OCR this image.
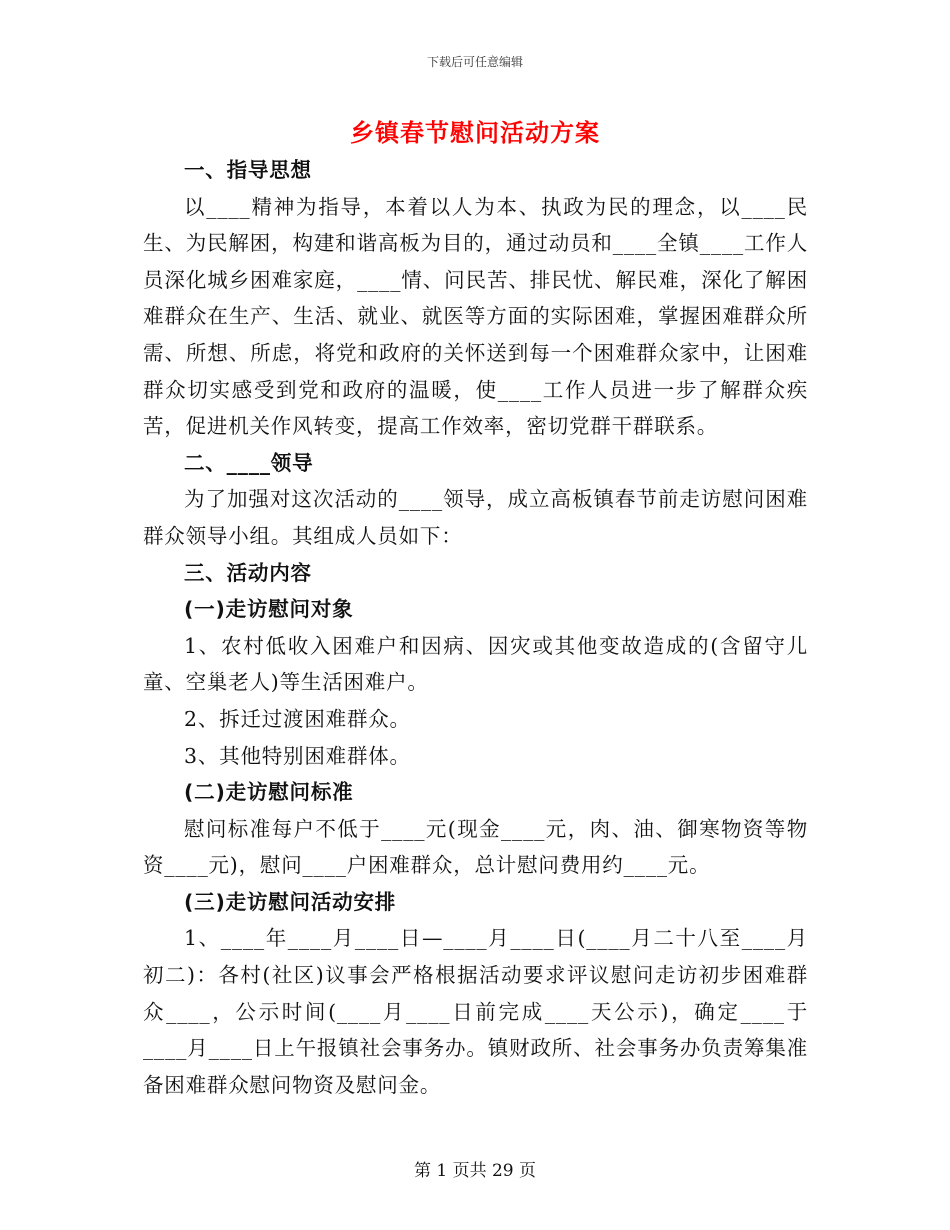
下载后可任意编辑
乡镇春节慰问活动方案

一、指导思想

以____精神为指导，本着以人为本、执政为民的理念，以____民生、为民解困，构建和谐高板为目的，通过动员和____全镇____工作人员深化城乡困难家庭，____情、问民苦、排民忧、解民难，深化了解困难群众在生产、生活、就业、就医等方面的实际困难，掌握困难群众所需、所想、所虑，将党和政府的关怀送到每一个困难群众家中，让困难群众切实感受到党和政府的温暖，使____工作人员进一步了解群众疾苦，促进机关作风转变，提高工作效率，密切党群干群联系。

二、____领导

为了加强对这次活动的____领导，成立高板镇春节前走访慰问困难群众领导小组。其组成人员如下：

三、活动内容

(一)走访慰问对象

1、农村低收入困难户和因病、因灾或其他变故造成的(含留守儿童、空巢老人)等生活困难户。

2、拆迁过渡困难群众。

3、其他特别困难群体。

(二)走访慰问标准

慰问标准每户不低于____元(现金____元，肉、油、御寒物资等物资____元)，慰问____户困难群众，总计慰问费用约____元。

(三)走访慰问活动安排

1、____年____月____日—____月____日(____月二十八至____月初二)：各村(社区)议事会严格根据活动要求评议慰问走访初步困难群众____，公示时间(____月____日前完成____天公示)，确定____于____月____日上午报镇社会事务办。镇财政所、社会事务办负责筹集准备困难群众慰问物资及慰问金。

第 1 页共 29 页
